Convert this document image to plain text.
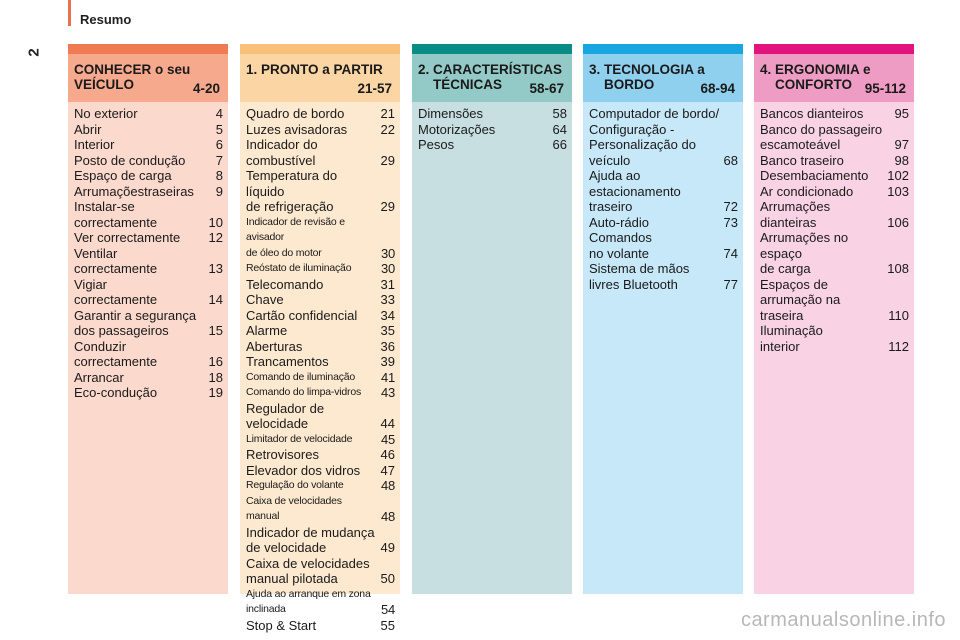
Resumo
2
CONHECER o seu
VEÍCULO	4-20
No exterior	4
Abrir	5
Interior	6
Posto de condução	7
Espaço de carga	8
Arrumaçõestraseiras	9
Instalar-se
correctamente	10
Ver correctamente	12
Ventilar
correctamente	13
Vigiar
correctamente	14
Garantir a segurança
dos passageiros	15
Conduzir
correctamente	16
Arrancar	18
Eco-condução	19
1. PRONTO a PARTIR
21-57
Quadro de bordo	21
Luzes avisadoras	22
Indicador do
combustível	29
Temperatura do líquido
de refrigeração	29
Indicador de revisão e avisador
de óleo do motor	30
Reóstato de iluminação	30
Telecomando	31
Chave	33
Cartão confidencial	34
Alarme	35
Aberturas	36
Trancamentos	39
Comando de iluminação	41
Comando do limpa-vidros	43
Regulador de
velocidade	44
Limitador de velocidade	45
Retrovisores	46
Elevador dos vidros	47
Regulação do volante	48
Caixa de velocidades manual	48
Indicador de mudança
de velocidade	49
Caixa de velocidades
manual pilotada	50
Ajuda ao arranque em zona
inclinada	54
Stop & Start	55
2. CARACTERÍSTICAS
TÉCNICAS	58-67
Dimensões	58
Motorizações	64
Pesos	66
3. TECNOLOGIA a
BORDO	68-94
Computador de bordo/
Configuração -
Personalização do
veículo	68
Ajuda ao
estacionamento
traseiro	72
Auto-rádio	73
Comandos
no volante	74
Sistema de mãos
livres Bluetooth	77
4. ERGONOMIA e
CONFORTO 95-112
Bancos dianteiros	95
Banco do passageiro
escamoteável	97
Banco traseiro	98
Desembaciamento	102
Ar condicionado	103
Arrumações
dianteiras	106
Arrumações no espaço
de carga	108
Espaços de
arrumação na
traseira	110
Iluminação
interior	112
carmanualsonline.info
